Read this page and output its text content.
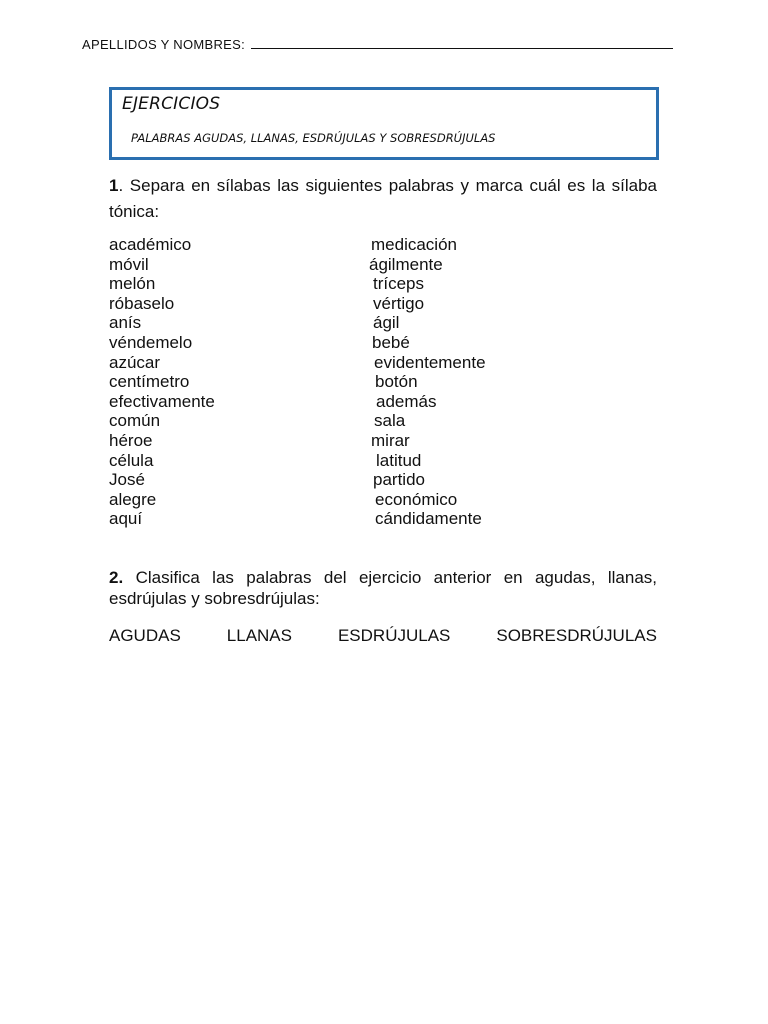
APELLIDOS Y NOMBRES:
EJERCICIOS
PALABRAS AGUDAS, LLANAS, ESDRÚJULAS Y SOBRESDRÚJULAS
1. Separa en sílabas las siguientes palabras y marca cuál es la sílaba tónica:
académico
móvil
melón
róbaselo
anís
véndemelo
azúcar
centímetro
efectivamente
común
héroe
célula
José
alegre
aquí
medicación
ágilmente
tríceps
vértigo
ágil
bebé
evidentemente
botón
además
sala
mirar
latitud
partido
económico
cándidamente
2. Clasifica las palabras del ejercicio anterior en agudas, llanas, esdrújulas y sobresdrújulas:
AGUDAS	LLANAS	ESDRÚJULAS	SOBRESDRÚJULAS
